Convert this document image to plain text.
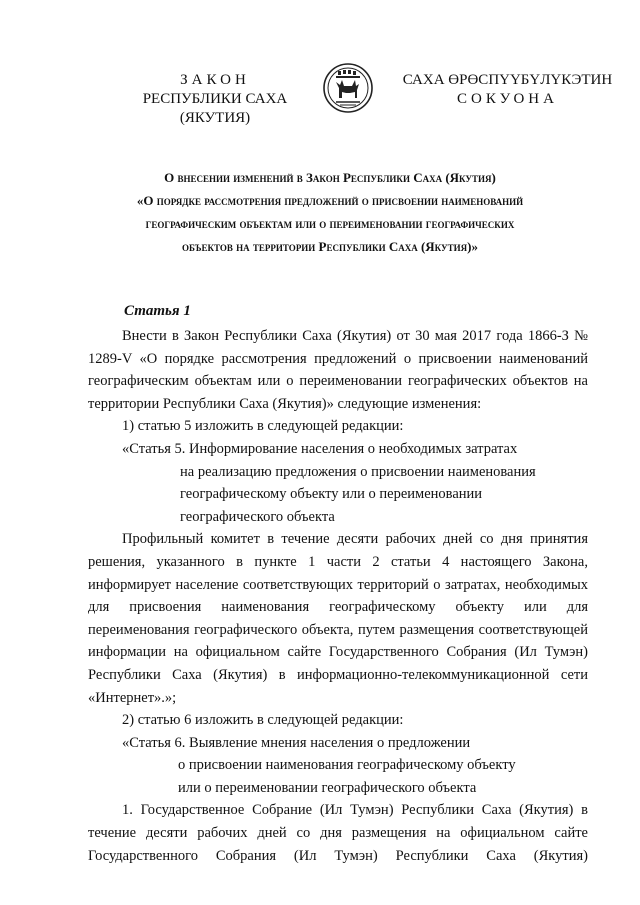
ЗАКОН
РЕСПУБЛИКИ САХА (ЯКУТИЯ)
САХА ӨРӨСПҮҮБҮЛҮКЭТИН
СОКУОНА
О внесении изменений в Закон Республики Саха (Якутия)
«О порядке рассмотрения предложений о присвоении наименований
географическим объектам или о переименовании географических
объектов на территории Республики Саха (Якутия)»
Статья 1

Внести в Закон Республики Саха (Якутия) от 30 мая 2017 года 1866-З № 1289-V «О порядке рассмотрения предложений о присвоении наименований географическим объектам или о переименовании географических объектов на территории Республики Саха (Якутия)» следующие изменения:

1) статью 5 изложить в следующей редакции:

«Статья 5. Информирование населения о необходимых затратах

на реализацию предложения о присвоении наименования

географическому объекту или о переименовании

географического объекта

Профильный комитет в течение десяти рабочих дней со дня принятия решения, указанного в пункте 1 части 2 статьи 4 настоящего Закона, информирует население соответствующих территорий о затратах, необходимых для присвоения наименования географическому объекту или для переименования географического объекта, путем размещения соответствующей информации на официальном сайте Государственного Собрания (Ил Тумэн) Республики Саха (Якутия) в информационно-телекоммуникационной сети «Интернет».»;

2) статью 6 изложить в следующей редакции:

«Статья 6. Выявление мнения населения о предложении

о присвоении наименования географическому объекту

или о переименовании географического объекта

1. Государственное Собрание (Ил Тумэн) Республики Саха (Якутия) в течение десяти рабочих дней со дня размещения на официальном сайте Государственного Собрания (Ил Тумэн) Республики Саха (Якутия)
